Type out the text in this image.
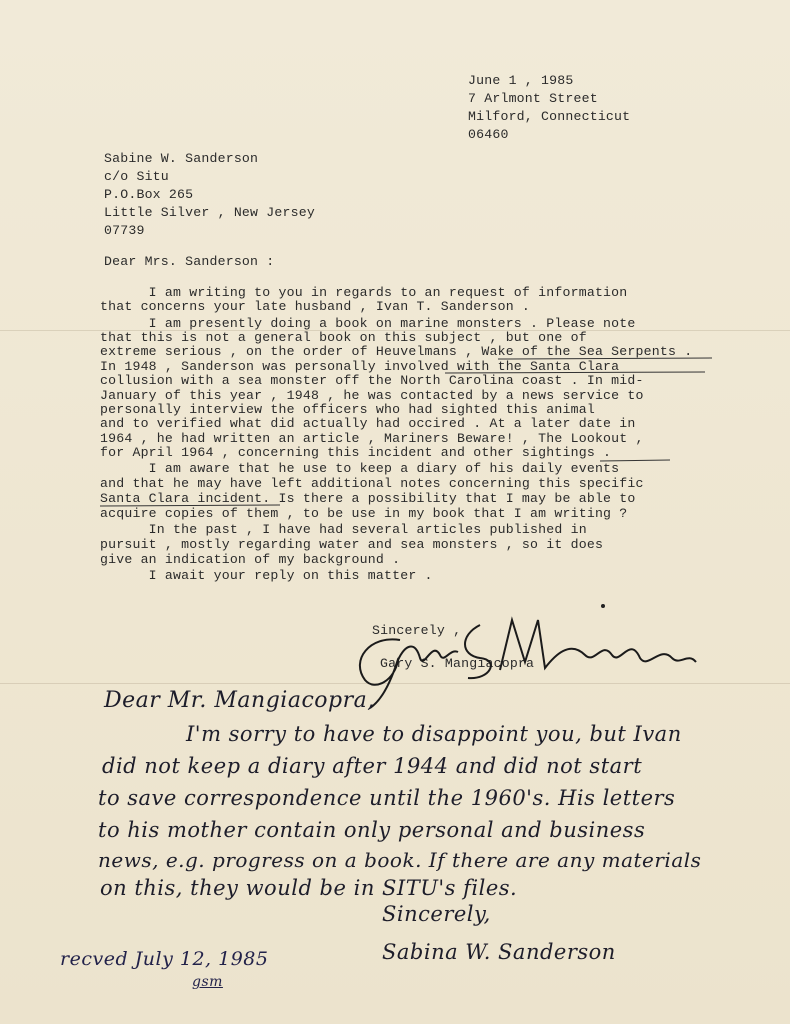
June 1 , 1985
7 Arlmont Street
Milford, Connecticut
06460
Sabine W. Sanderson
c/o Situ
P.O.Box 265
Little Silver , New Jersey
07739
Dear Mrs. Sanderson :
I am writing to you in regards to an request of information
that concerns your late husband , Ivan T. Sanderson .
I am presently doing a book on marine monsters . Please note
that this is not a general book on this subject , but one of
extreme serious , on the order of Heuvelmans , Wake of the Sea Serpents .
In 1948 , Sanderson was personally involved with the Santa Clara
collusion with a sea monster off the North Carolina coast . In mid-
January of this year , 1948 , he was contacted by a news service to
personally interview the officers who had sighted this animal
and to verified what did actually had occired . At a later date in
1964 , he had written an article , Mariners Beware! , The Lookout ,
for April 1964 , concerning this incident and other sightings .
I am aware that he use to keep a diary of his daily events
and that he may have left additional notes concerning this specific
Santa Clara incident. Is there a possibility that I may be able to
acquire copies of them , to be use in my book that I am writing ?
In the past , I have had several articles published in
pursuit , mostly regarding water and sea monsters , so it does
give an indication of my background .
I await your reply on this matter .
Sincerely ,
Gary S. Mangiacopra
Dear Mr. Mangiacopra,
I'm sorry to have to disappoint you, but Ivan
did not keep a diary after 1944 and did not start
to save correspondence until the 1960's. His letters
to his mother contain only personal and business
news, e.g. progress on a book. If there are any materials
on this, they would be in SITU's files.
Sincerely,
Sabina W. Sanderson
recved July 12, 1985
gsm
